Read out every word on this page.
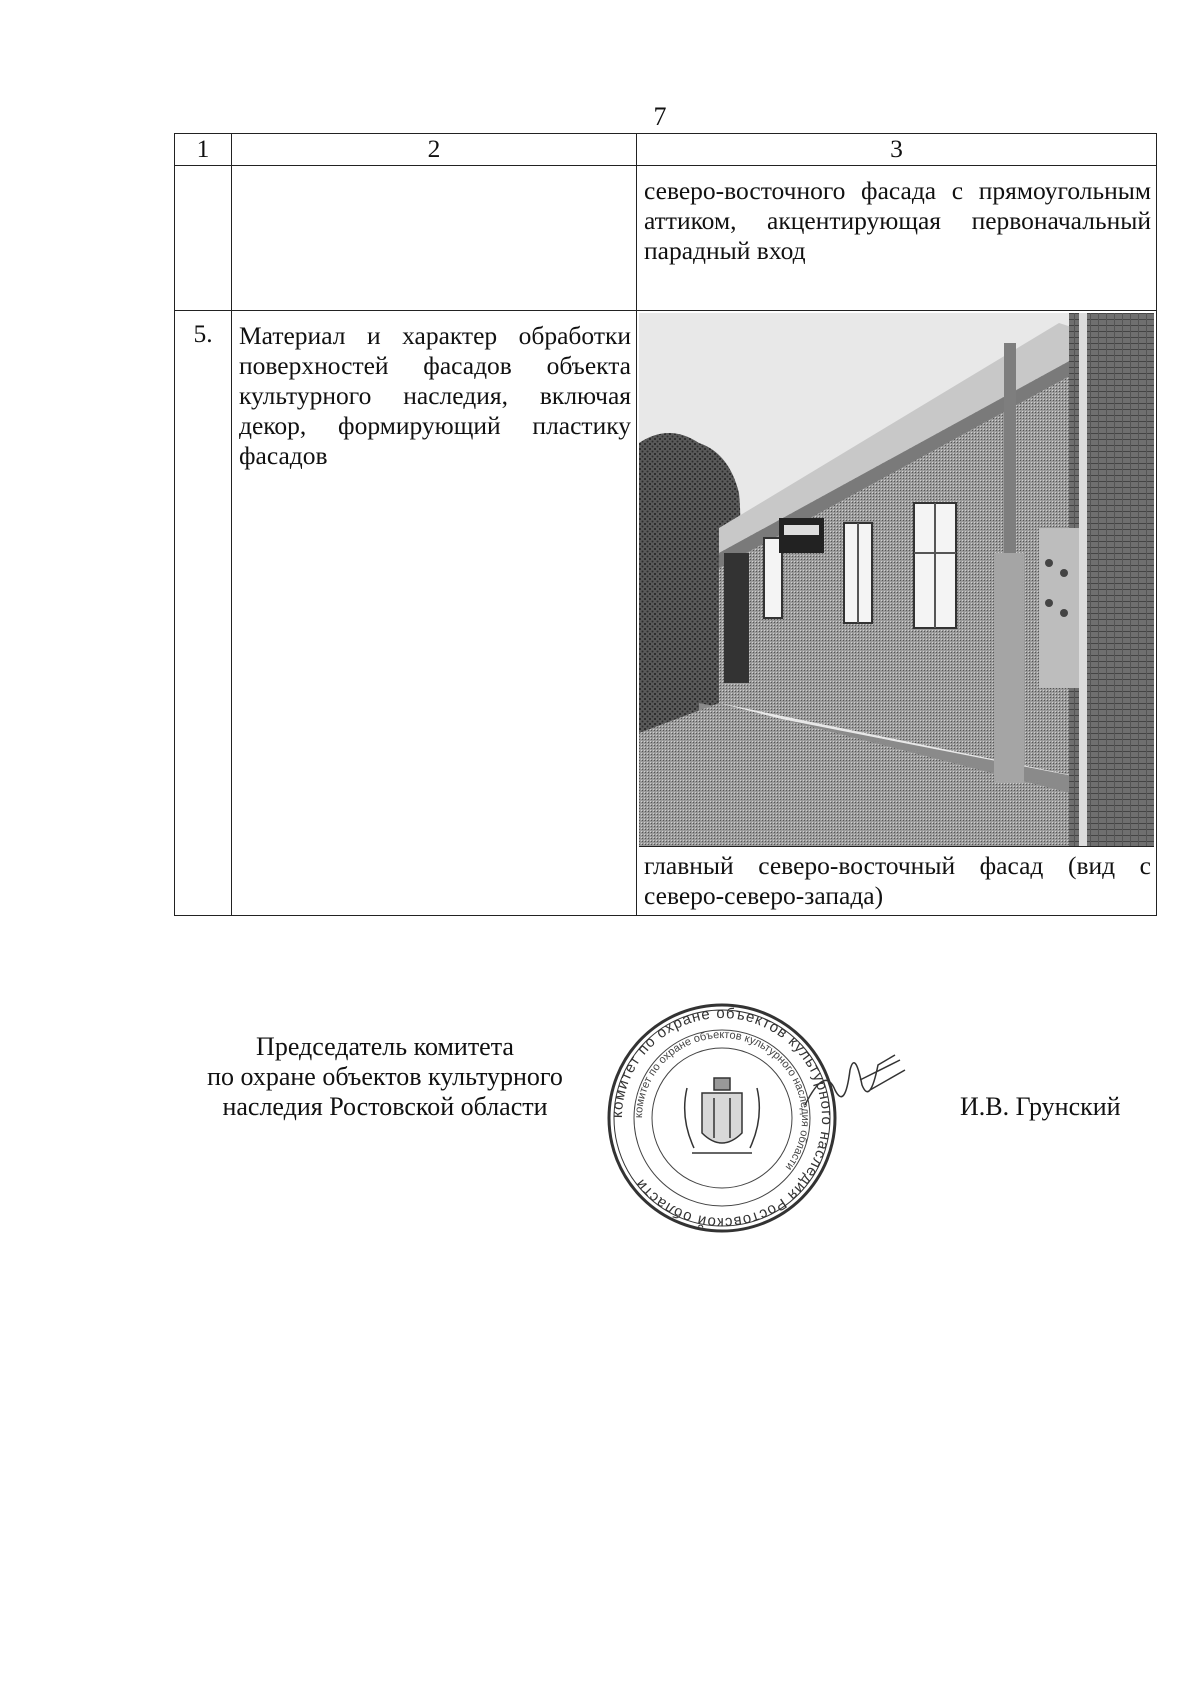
7
1	2	3

		северо-восточного фасада с прямоугольным аттиком, акцентирующая первоначальный парадный вход

5.	Материал и характер обработки поверхностей фасадов объекта культурного наследия, включая декор, формирующий пластику фасадов	главный северо-восточный фасад (вид с северо-северо-запада)
Председатель комитета
по охране объектов культурного
наследия Ростовской области	комитет по охране объектов культурного наследия Ростовской области
комитет по охране объектов культурного наследия области
И.В. Грунский
